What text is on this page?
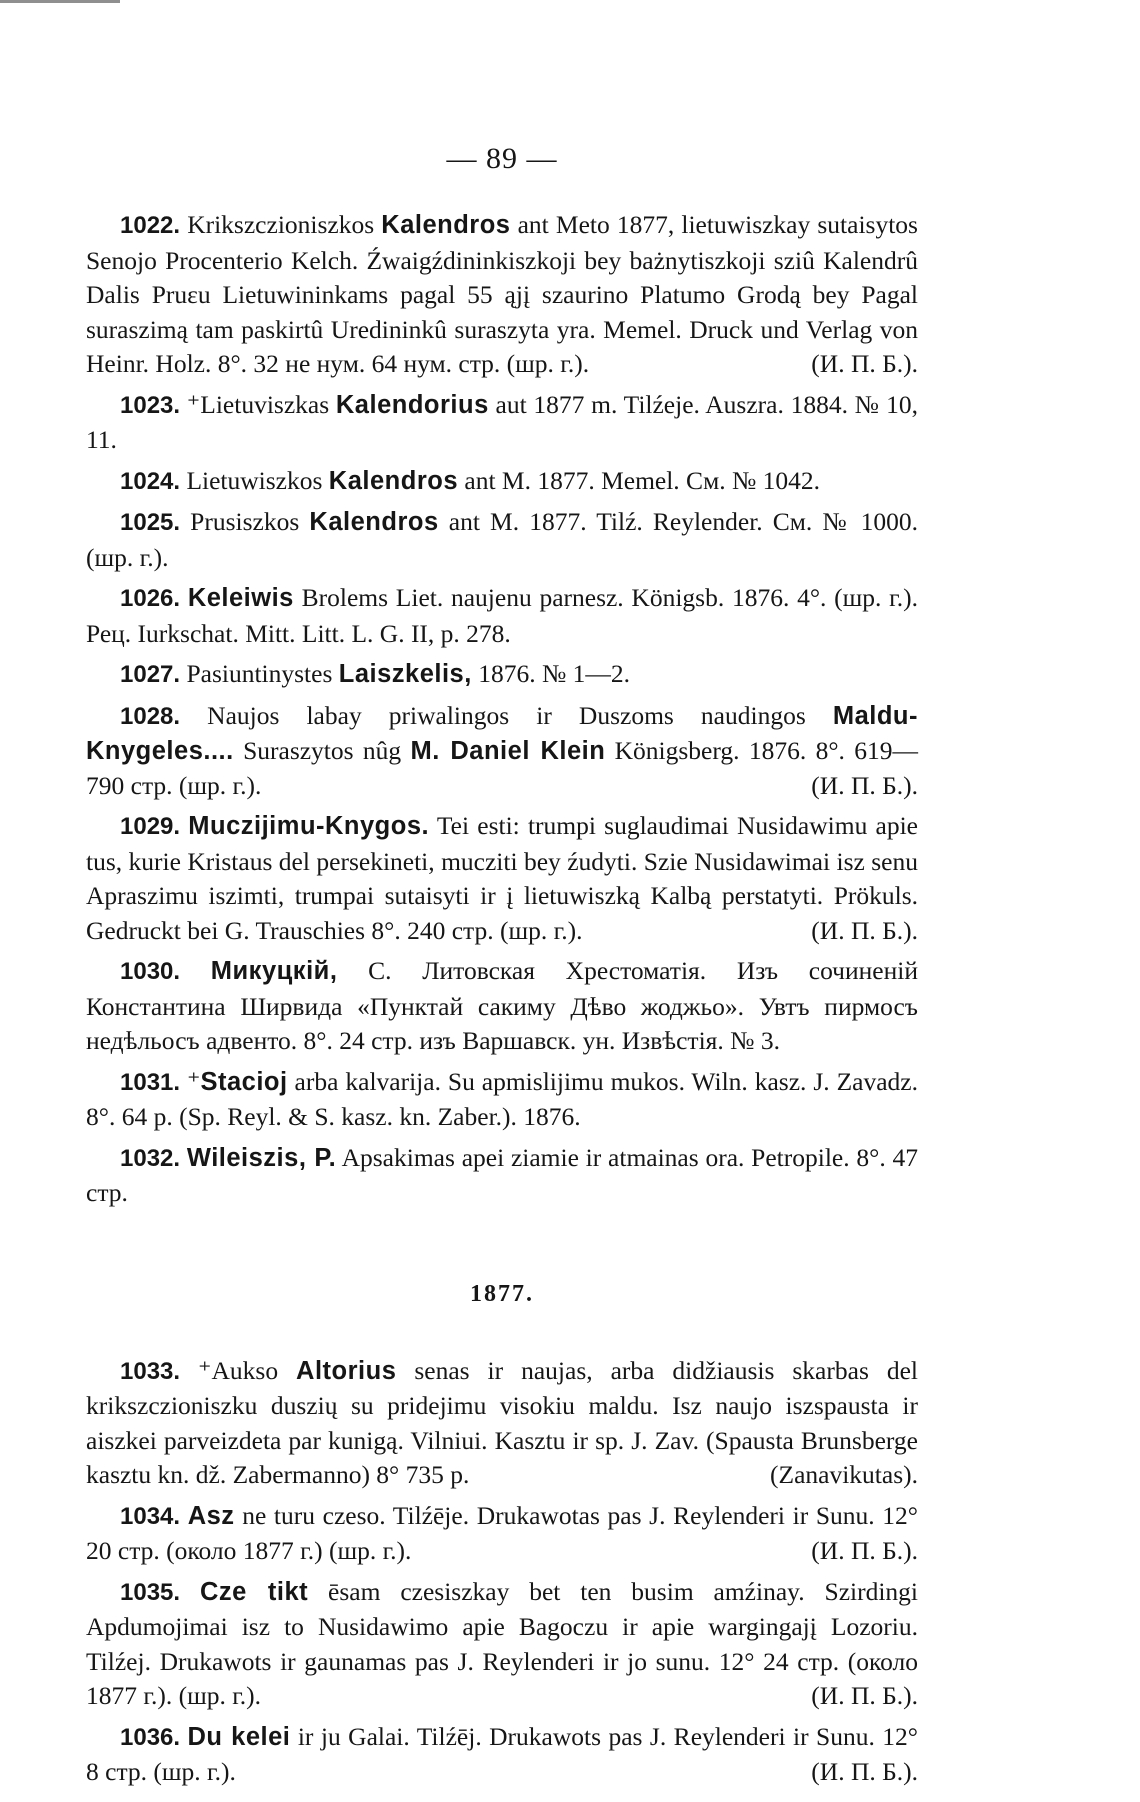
— 89 —

1022. Krikszczioniszkos Kalendros ant Meto 1877, lietuwiszkay sutaisytos Senojo Procenterio Kelch. Źwaigźdininkiszkoji bey bażnytiszkoji sziû Kalendrû Dalis Pruɛu Lietuwininkams pagal 55 ąjį szaurino Platumo Grodą bey Pagal suraszimą tam paskirtû Uredininkû suraszyta yra. Memel. Druck und Verlag von Heinr. Holz. 8°. 32 не нум. 64 нум. стр. (шр. г.).	(И. П. Б.).

1023. ⁺Lietuviszkas Kalendorius aut 1877 m. Tilźeje. Auszra. 1884. № 10, 11.

1024. Lietuwiszkos Kalendros ant M. 1877. Memel. См. № 1042.

1025. Prusiszkos Kalendros ant M. 1877. Tilź. Reylender. См. № 1000. (шр. г.).

1026. Keleiwis Brolems Liet. naujenu parnesz. Königsb. 1876. 4°. (шр. г.). Рец. Iurkschat. Mitt. Litt. L. G. II, p. 278.

1027. Pasiuntinystes Laiszkelis, 1876. № 1—2.

1028. Naujos labay priwalingos ir Duszoms naudingos Maldu-Knygeles.... Suraszytos nûg M. Daniel Klein Königsberg. 1876. 8°. 619—790 стр. (шр. г.).	(И. П. Б.).

1029. Muczijimu-Knygos. Tei esti: trumpi suglaudimai Nusidawimu apie tus, kurie Kristaus del persekineti, mucziti bey źudyti. Szie Nusidawimai isz senu Apraszimu iszimti, trumpai sutaisyti ir į lietuwiszką Kalbą perstatyti. Prökuls. Gedruckt bei G. Trauschies 8°. 240 стр. (шр. г.).	(И. П. Б.).

1030. Микуцкій, С. Литовская Хрестоматія. Изъ сочиненій Константина Ширвида «Пунктай сакиму Дѣво жоджьо». Увтъ пирмосъ недѣльосъ адвенто. 8°. 24 стр. изъ Варшавск. ун. Извѣстія. № 3.

1031. ⁺Stacioj arba kalvarija. Su apmislijimu mukos. Wiln. kasz. J. Zavadz. 8°. 64 p. (Sp. Reyl. & S. kasz. kn. Zaber.). 1876.

1032. Wileiszis, P. Apsakimas apei ziamie ir atmainas ora. Petropile. 8°. 47 стр.

1877.

1033. ⁺Aukso Altorius senas ir naujas, arba didžiausis skarbas del krikszczioniszku duszių su pridejimu visokiu maldu. Isz naujo iszspausta ir aiszkei parveizdeta par kunigą. Vilniui. Kasztu ir sp. J. Zav. (Spausta Brunsberge kasztu kn. dž. Zabermanno) 8° 735 p.	(Zanavikutas).

1034. Asz ne turu czeso. Tilźēje. Drukawotas pas J. Reylenderi ir Sunu. 12° 20 стр. (около 1877 г.) (шр. г.).	(И. П. Б.).

1035. Cze tikt ēsam czesiszkay bet ten busim amźinay. Szirdingi Apdumojimai isz to Nusidawimo apie Bagoczu ir apie wargingajį Lozoriu. Tilźej. Drukawots ir gaunamas pas J. Reylenderi ir jo sunu. 12° 24 стр. (около 1877 г.). (шр. г.).	(И. П. Б.).

1036. Du kelei ir ju Galai. Tilźēj. Drukawots pas J. Reylenderi ir Sunu. 12° 8 стр. (шр. г.).	(И. П. Б.).
